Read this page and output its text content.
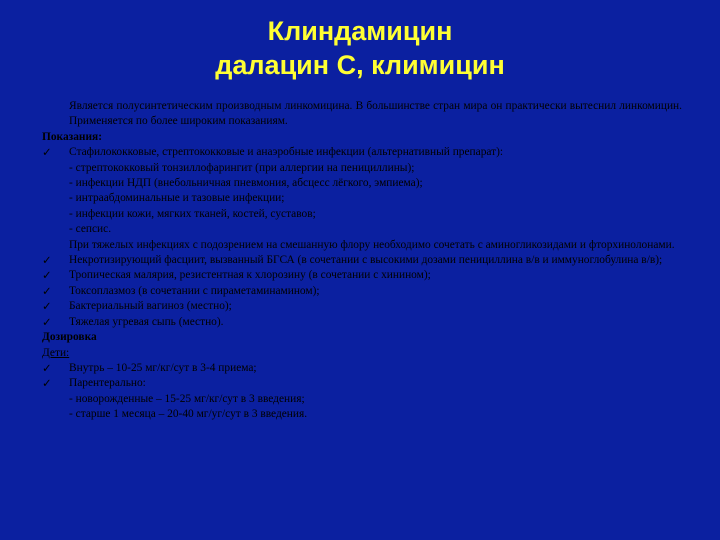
Клиндамицин

далацин С, климицин
Является полусинтетическим производным линкомицина. В большинстве стран мира он практически вытеснил линкомицин. Применяется по более широким показаниям.
Показания:
✓ Стафилококковые, стрептококковые и анаэробные инфекции (альтернативный препарат):
- стрептококковый тонзиллофарингит (при аллергии на пенициллины);
- инфекции НДП (внебольничная пневмония, абсцесс лёгкого, эмпиема);
- интраабдоминальные и тазовые инфекции;
- инфекции кожи, мягких тканей, костей, суставов;
- сепсис.
При тяжелых инфекциях с подозрением на смешанную флору необходимо сочетать с аминогликозидами и фторхинолонами.
✓ Некротизирующий фасциит, вызванный БГСА (в сочетании с высокими дозами пенициллина в/в и иммуноглобулина в/в);
✓ Тропическая малярия, резистентная к хлорозину (в сочетании с хинином);
✓ Токсоплазмоз (в сочетании с пираметаминамином);
✓ Бактериальный вагиноз (местно);
✓ Тяжелая угревая сыпь (местно).
Дозировка
Дети:
✓ Внутрь – 10-25 мг/кг/сут в 3-4 приема;
✓ Парентерально:
- новорожденные – 15-25 мг/кг/сут в 3 введения;
- старше 1 месяца – 20-40 мг/уг/сут в 3 введения.
